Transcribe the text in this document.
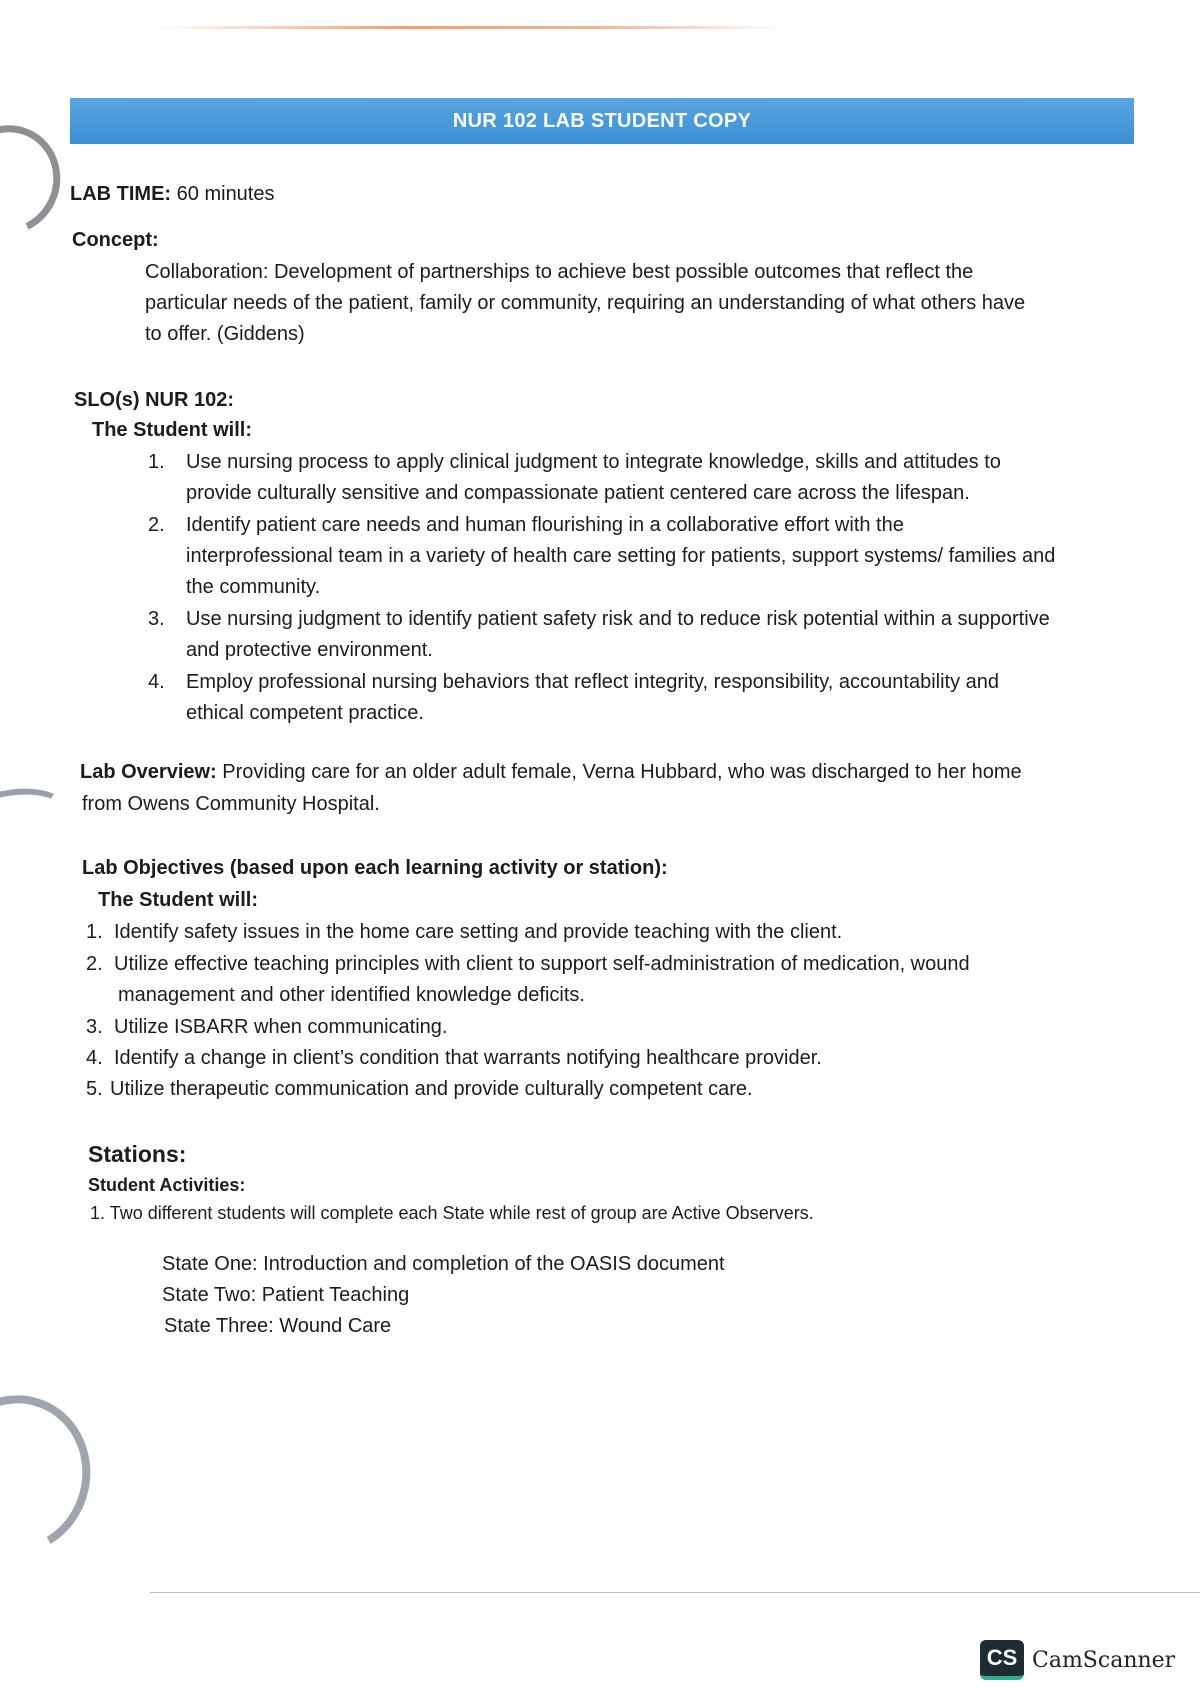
NUR 102 LAB STUDENT COPY
LAB TIME: 60 minutes
Concept:
Collaboration: Development of partnerships to achieve best possible outcomes that reflect the
particular needs of the patient, family or community, requiring an understanding of what others have
to offer. (Giddens)
SLO(s) NUR 102:
The Student will:
1. Use nursing process to apply clinical judgment to integrate knowledge, skills and attitudes to
provide culturally sensitive and compassionate patient centered care across the lifespan.
2. Identify patient care needs and human flourishing in a collaborative effort with the
interprofessional team in a variety of health care setting for patients, support systems/ families and
the community.
3. Use nursing judgment to identify patient safety risk and to reduce risk potential within a supportive
and protective environment.
4. Employ professional nursing behaviors that reflect integrity, responsibility, accountability and
ethical competent practice.
Lab Overview: Providing care for an older adult female, Verna Hubbard, who was discharged to her home
from Owens Community Hospital.
Lab Objectives (based upon each learning activity or station):
The Student will:
1. Identify safety issues in the home care setting and provide teaching with the client.
2. Utilize effective teaching principles with client to support self-administration of medication, wound
management and other identified knowledge deficits.
3. Utilize ISBARR when communicating.
4. Identify a change in client’s condition that warrants notifying healthcare provider.
5. Utilize therapeutic communication and provide culturally competent care.
Stations:
Student Activities:
1. Two different students will complete each State while rest of group are Active Observers.
State One: Introduction and completion of the OASIS document
State Two: Patient Teaching
State Three: Wound Care
CS CamScanner
